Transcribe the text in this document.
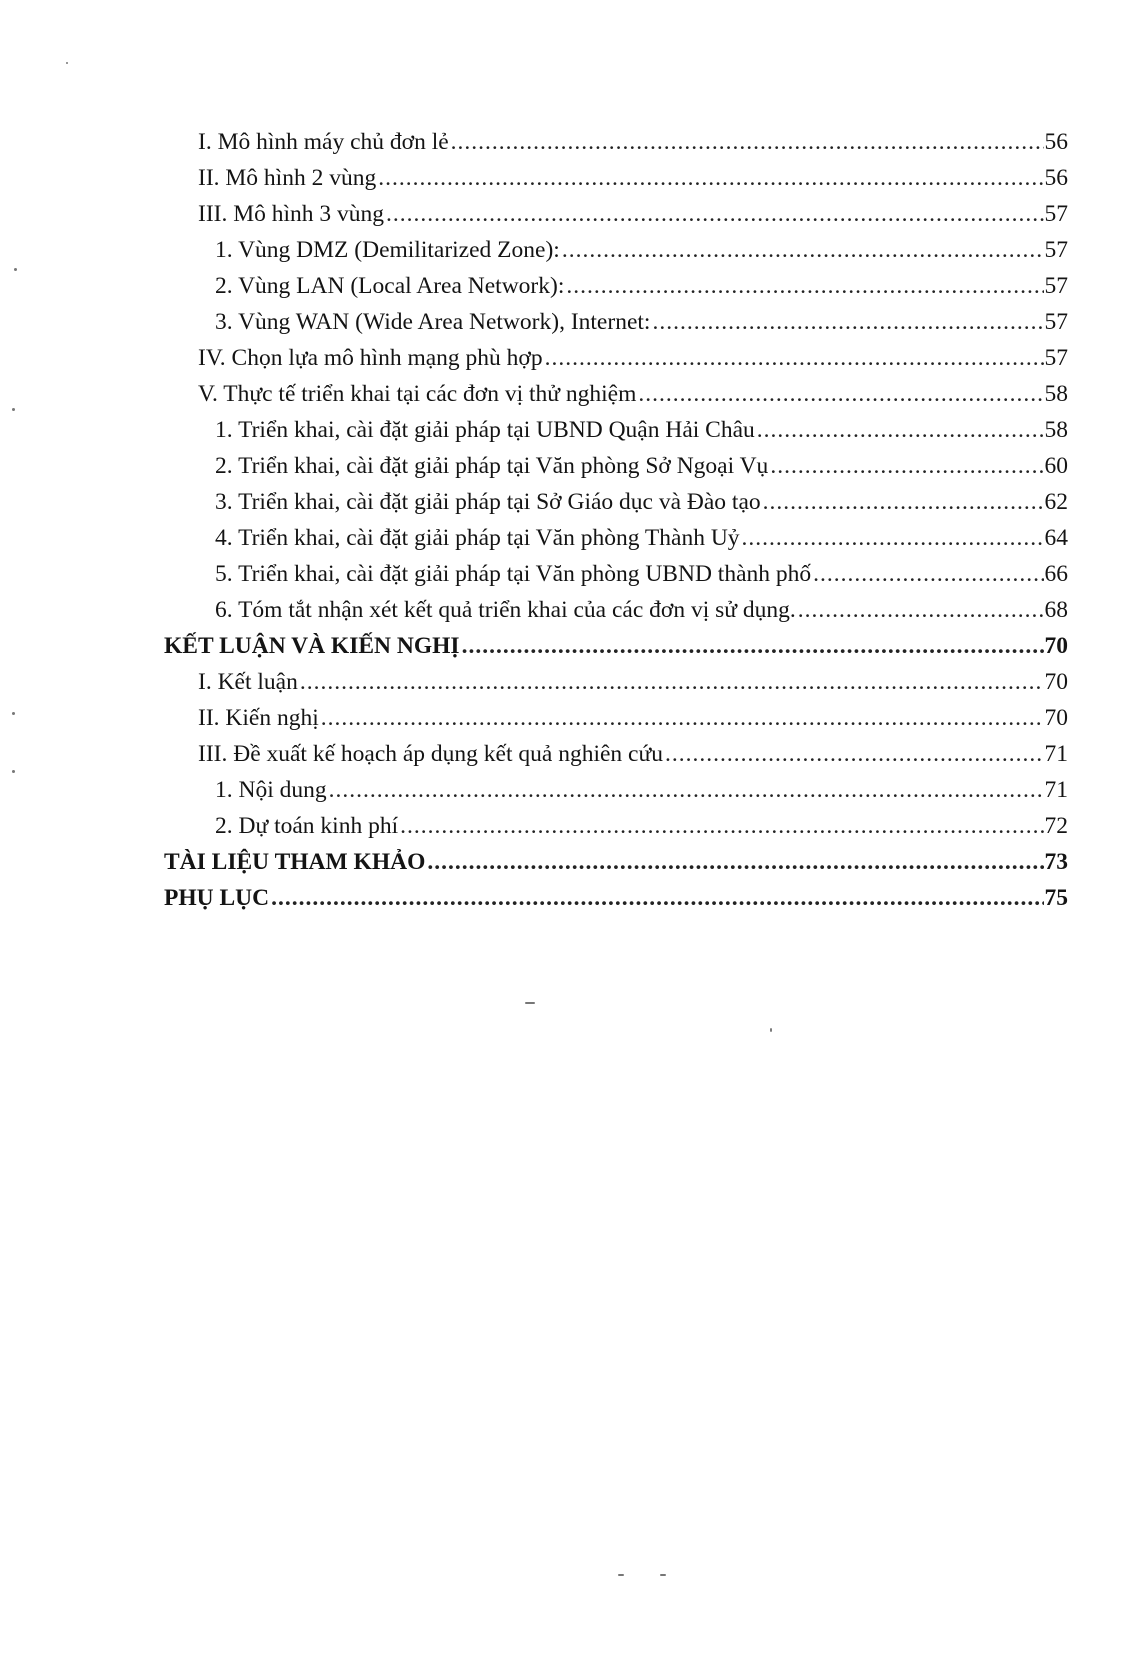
I. Mô hình máy chủ đơn lẻ .....	56
II. Mô hình 2 vùng .....	56
III. Mô hình 3 vùng .....	57
1. Vùng DMZ (Demilitarized Zone): .....	57
2. Vùng LAN (Local Area Network): .....	57
3. Vùng WAN (Wide Area Network), Internet: .....	57
IV. Chọn lựa mô hình mạng phù hợp .....	57
V. Thực tế triển khai tại các đơn vị thử nghiệm .....	58
1. Triển khai, cài đặt giải pháp tại UBND Quận Hải Châu .....	58
2. Triển khai, cài đặt giải pháp tại Văn phòng Sở Ngoại Vụ .....	60
3. Triển khai, cài đặt giải pháp tại Sở Giáo dục và Đào tạo .....	62
4. Triển khai, cài đặt giải pháp tại Văn phòng Thành Uỷ .....	64
5. Triển khai, cài đặt giải pháp tại Văn phòng UBND thành phố .....	66
6. Tóm tắt nhận xét kết quả triển khai của các đơn vị sử dụng. .....	68
KẾT LUẬN VÀ KIẾN NGHỊ .....	70
I. Kết luận .....	70
II. Kiến nghị .....	70
III. Đề xuất kế hoạch áp dụng kết quả nghiên cứu .....	71
1. Nội dung .....	71
2. Dự toán kinh phí .....	72
TÀI LIỆU THAM KHẢO .....	73
PHỤ LỤC .....	75
